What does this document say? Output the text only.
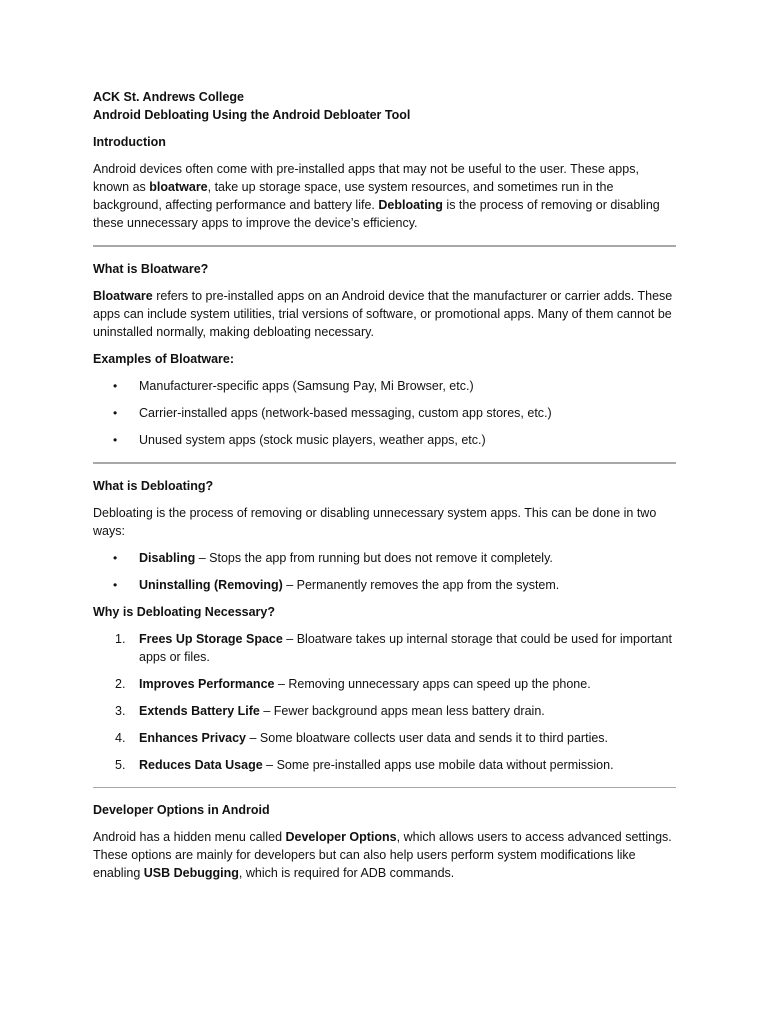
ACK St. Andrews College
Android Debloating Using the Android Debloater Tool
Introduction
Android devices often come with pre-installed apps that may not be useful to the user. These apps, known as bloatware, take up storage space, use system resources, and sometimes run in the background, affecting performance and battery life. Debloating is the process of removing or disabling these unnecessary apps to improve the device’s efficiency.
What is Bloatware?
Bloatware refers to pre-installed apps on an Android device that the manufacturer or carrier adds. These apps can include system utilities, trial versions of software, or promotional apps. Many of them cannot be uninstalled normally, making debloating necessary.
Examples of Bloatware:
• Manufacturer-specific apps (Samsung Pay, Mi Browser, etc.)
• Carrier-installed apps (network-based messaging, custom app stores, etc.)
• Unused system apps (stock music players, weather apps, etc.)
What is Debloating?
Debloating is the process of removing or disabling unnecessary system apps. This can be done in two ways:
• Disabling – Stops the app from running but does not remove it completely.
• Uninstalling (Removing) – Permanently removes the app from the system.
Why is Debloating Necessary?
1. Frees Up Storage Space – Bloatware takes up internal storage that could be used for important apps or files.
2. Improves Performance – Removing unnecessary apps can speed up the phone.
3. Extends Battery Life – Fewer background apps mean less battery drain.
4. Enhances Privacy – Some bloatware collects user data and sends it to third parties.
5. Reduces Data Usage – Some pre-installed apps use mobile data without permission.
Developer Options in Android
Android has a hidden menu called Developer Options, which allows users to access advanced settings. These options are mainly for developers but can also help users perform system modifications like enabling USB Debugging, which is required for ADB commands.
